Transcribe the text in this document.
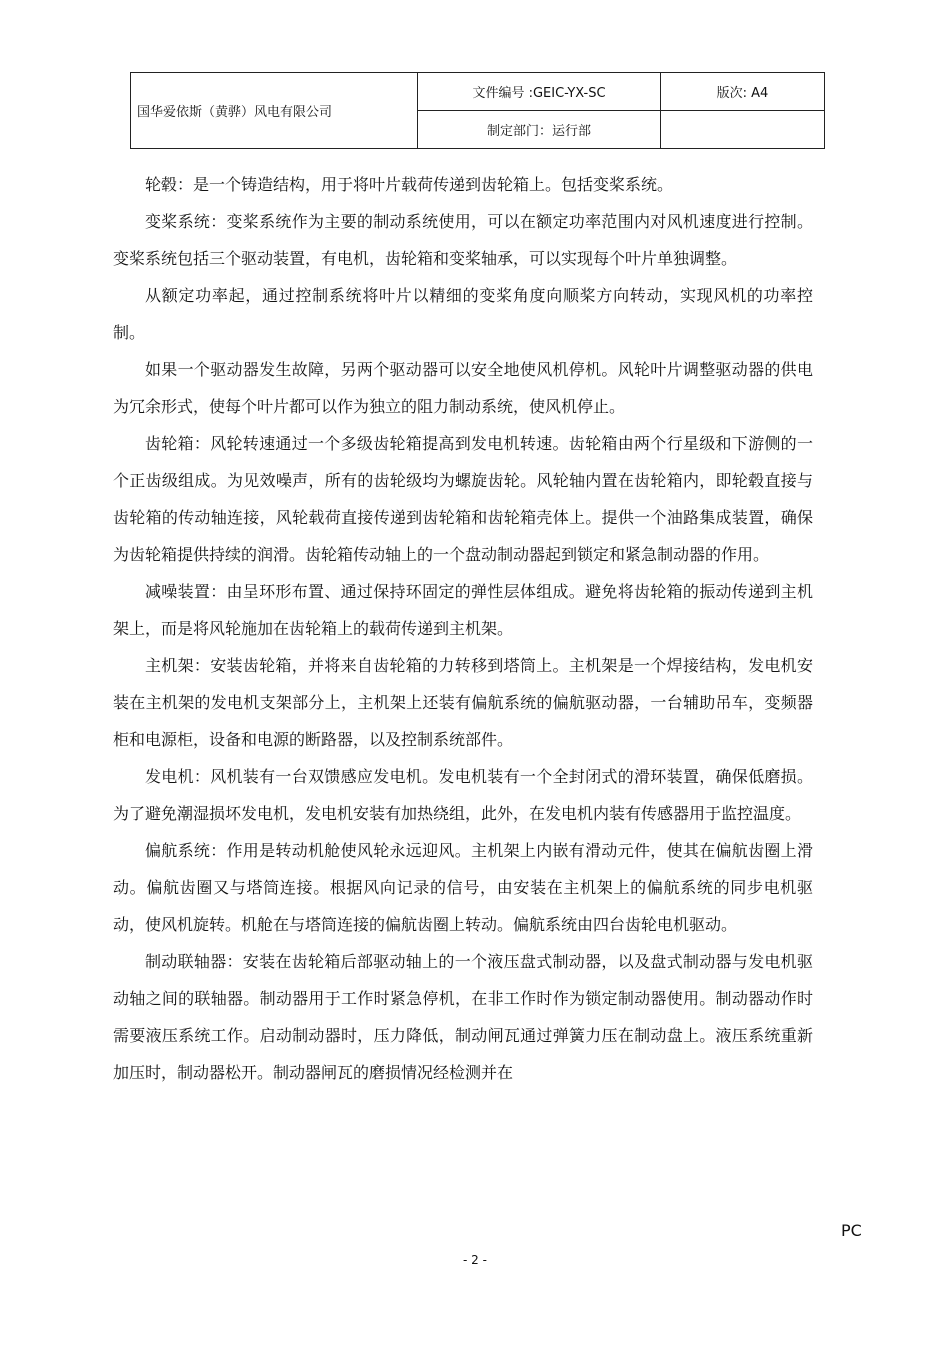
国华爱依斯（黄骅）风电有限公司	文件编号 :GEIC-YX-SC	版次: A4
	制定部门：运行部	

轮毂：是一个铸造结构，用于将叶片载荷传递到齿轮箱上。包括变桨系统。

变桨系统：变桨系统作为主要的制动系统使用，可以在额定功率范围内对风机速度进行控制。变桨系统包括三个驱动装置，有电机，齿轮箱和变桨轴承，可以实现每个叶片单独调整。

从额定功率起，通过控制系统将叶片以精细的变桨角度向顺桨方向转动，实现风机的功率控制。

如果一个驱动器发生故障，另两个驱动器可以安全地使风机停机。风轮叶片调整驱动器的供电为冗余形式，使每个叶片都可以作为独立的阻力制动系统，使风机停止。

齿轮箱：风轮转速通过一个多级齿轮箱提高到发电机转速。齿轮箱由两个行星级和下游侧的一个正齿级组成。为见效噪声，所有的齿轮级均为螺旋齿轮。风轮轴内置在齿轮箱内，即轮毂直接与齿轮箱的传动轴连接，风轮载荷直接传递到齿轮箱和齿轮箱壳体上。提供一个油路集成装置，确保为齿轮箱提供持续的润滑。齿轮箱传动轴上的一个盘动制动器起到锁定和紧急制动器的作用。

减噪装置：由呈环形布置、通过保持环固定的弹性层体组成。避免将齿轮箱的振动传递到主机架上，而是将风轮施加在齿轮箱上的载荷传递到主机架。

主机架：安装齿轮箱，并将来自齿轮箱的力转移到塔筒上。主机架是一个焊接结构，发电机安装在主机架的发电机支架部分上，主机架上还装有偏航系统的偏航驱动器，一台辅助吊车，变频器柜和电源柜，设备和电源的断路器，以及控制系统部件。

发电机：风机装有一台双馈感应发电机。发电机装有一个全封闭式的滑环装置，确保低磨损。为了避免潮湿损坏发电机，发电机安装有加热绕组，此外，在发电机内装有传感器用于监控温度。

偏航系统：作用是转动机舱使风轮永远迎风。主机架上内嵌有滑动元件，使其在偏航齿圈上滑动。偏航齿圈又与塔筒连接。根据风向记录的信号，由安装在主机架上的偏航系统的同步电机驱动，使风机旋转。机舱在与塔筒连接的偏航齿圈上转动。偏航系统由四台齿轮电机驱动。

制动联轴器：安装在齿轮箱后部驱动轴上的一个液压盘式制动器，以及盘式制动器与发电机驱动轴之间的联轴器。制动器用于工作时紧急停机，在非工作时作为锁定制动器使用。制动器动作时需要液压系统工作。启动制动器时，压力降低，制动闸瓦通过弹簧力压在制动盘上。液压系统重新加压时，制动器松开。制动器闸瓦的磨损情况经检测并在

PC
- 2 -
